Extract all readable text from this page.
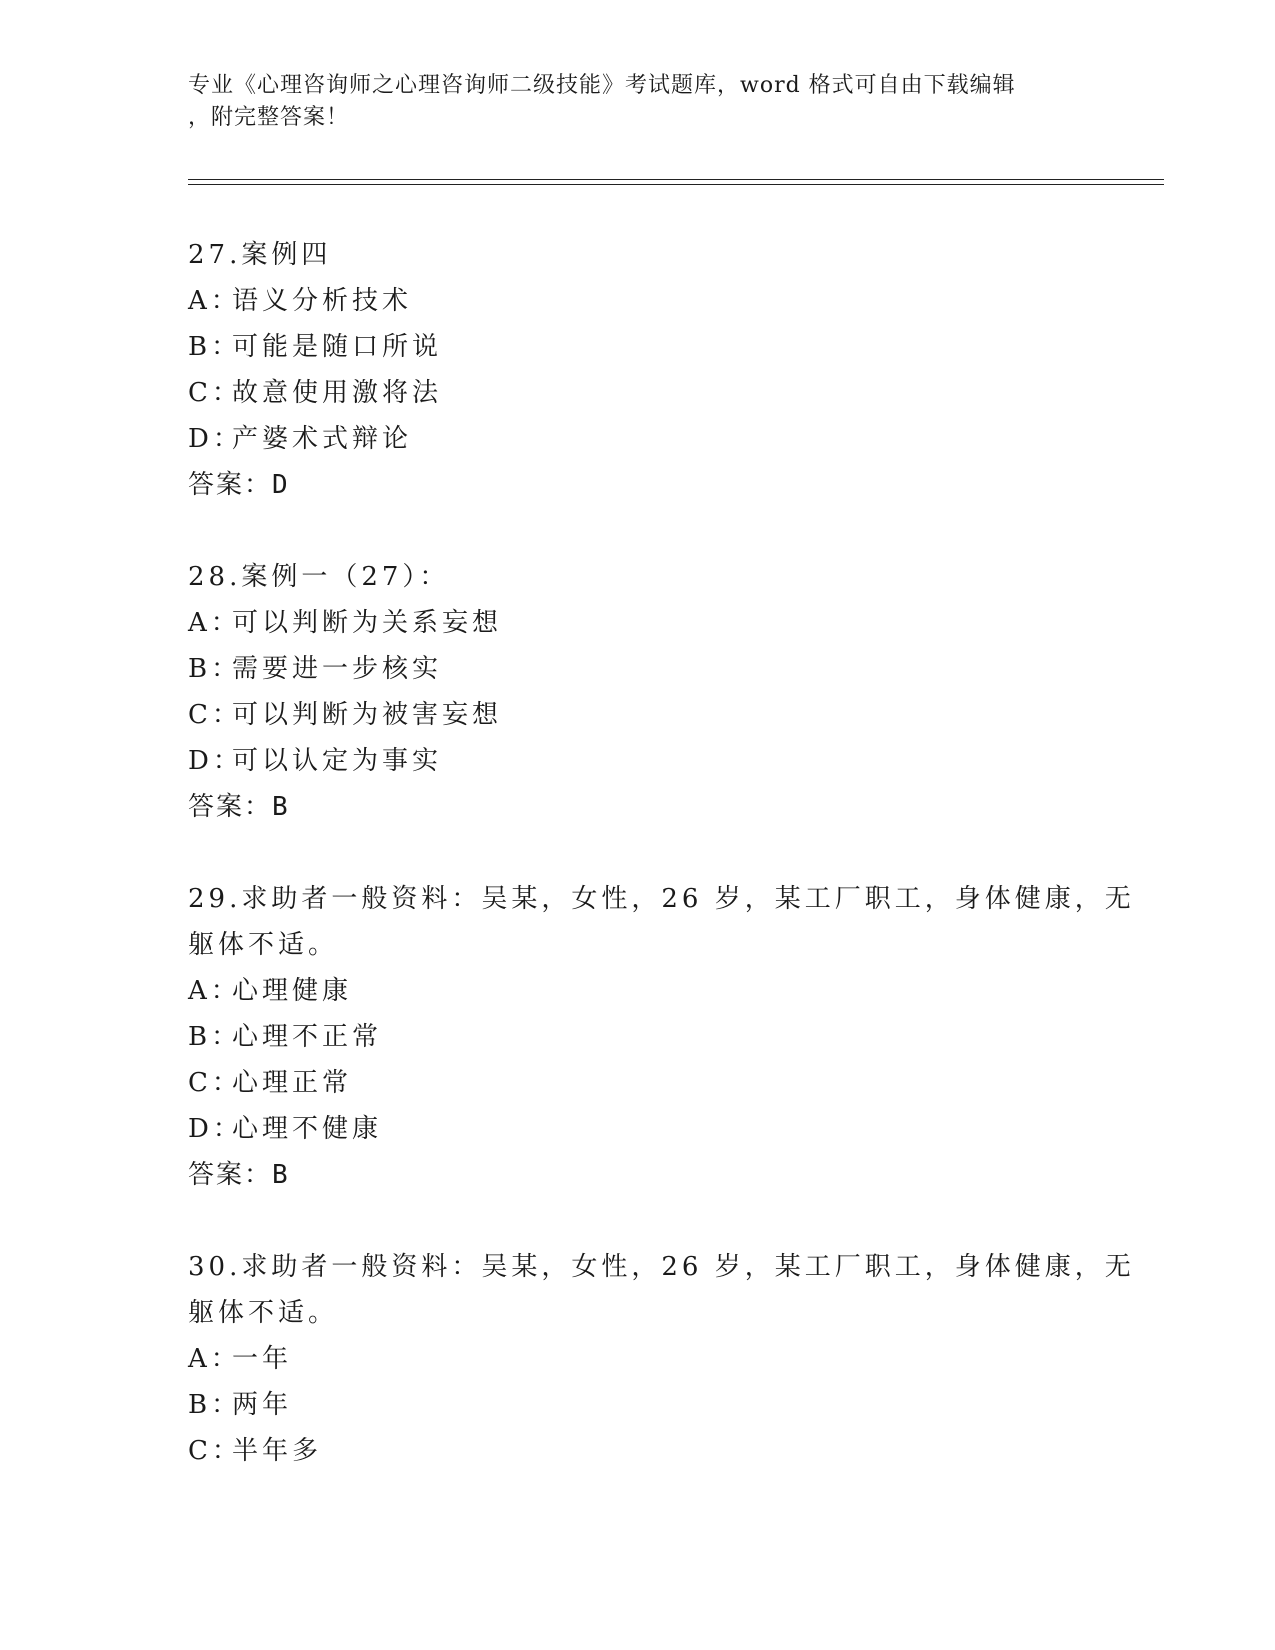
专业《心理咨询师之心理咨询师二级技能》考试题库，word 格式可自由下载编辑
，附完整答案！
27.案例四
A：语义分析技术
B：可能是随口所说
C：故意使用激将法
D：产婆术式辩论
答案：D
28.案例一（27）：
A：可以判断为关系妄想
B：需要进一步核实
C：可以判断为被害妄想
D：可以认定为事实
答案：B
29.求助者一般资料：吴某，女性，26 岁，某工厂职工，身体健康，无
躯体不适。
A：心理健康
B：心理不正常
C：心理正常
D：心理不健康
答案：B
30.求助者一般资料：吴某，女性，26 岁，某工厂职工，身体健康，无
躯体不适。
A：一年
B：两年
C：半年多
